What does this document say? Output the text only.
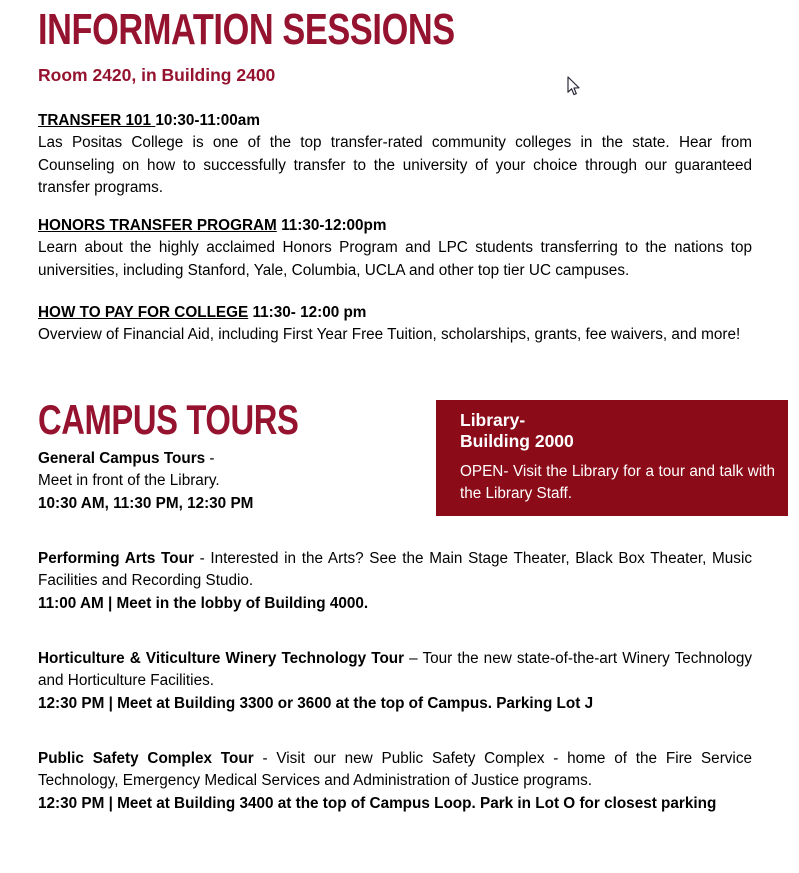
INFORMATION SESSIONS
Room 2420, in Building 2400

TRANSFER 101 10:30-11:00am
Las Positas College is one of the top transfer-rated community colleges in the state. Hear from Counseling on how to successfully transfer to the university of your choice through our guaranteed transfer programs.

HONORS TRANSFER PROGRAM 11:30-12:00pm
Learn about the highly acclaimed Honors Program and LPC students transferring to the nations top universities, including Stanford, Yale, Columbia, UCLA and other top tier UC campuses.

HOW TO PAY FOR COLLEGE 11:30- 12:00 pm
Overview of Financial Aid, including First Year Free Tuition, scholarships, grants, fee waivers, and more!

CAMPUS TOURS

General Campus Tours -
Meet in front of the Library.
10:30 AM, 11:30 PM, 12:30 PM

Library-
Building 2000

OPEN- Visit the Library for a tour and talk with the Library Staff.

Performing Arts Tour - Interested in the Arts? See the Main Stage Theater, Black Box Theater, Music Facilities and Recording Studio.
11:00 AM | Meet in the lobby of Building 4000.

Horticulture & Viticulture Winery Technology Tour – Tour the new state-of-the-art Winery Technology and Horticulture Facilities.
12:30 PM | Meet at Building 3300 or 3600 at the top of Campus. Parking Lot J

Public Safety Complex Tour - Visit our new Public Safety Complex - home of the Fire Service Technology, Emergency Medical Services and Administration of Justice programs.
12:30 PM | Meet at Building 3400 at the top of Campus Loop. Park in Lot O for closest parking
